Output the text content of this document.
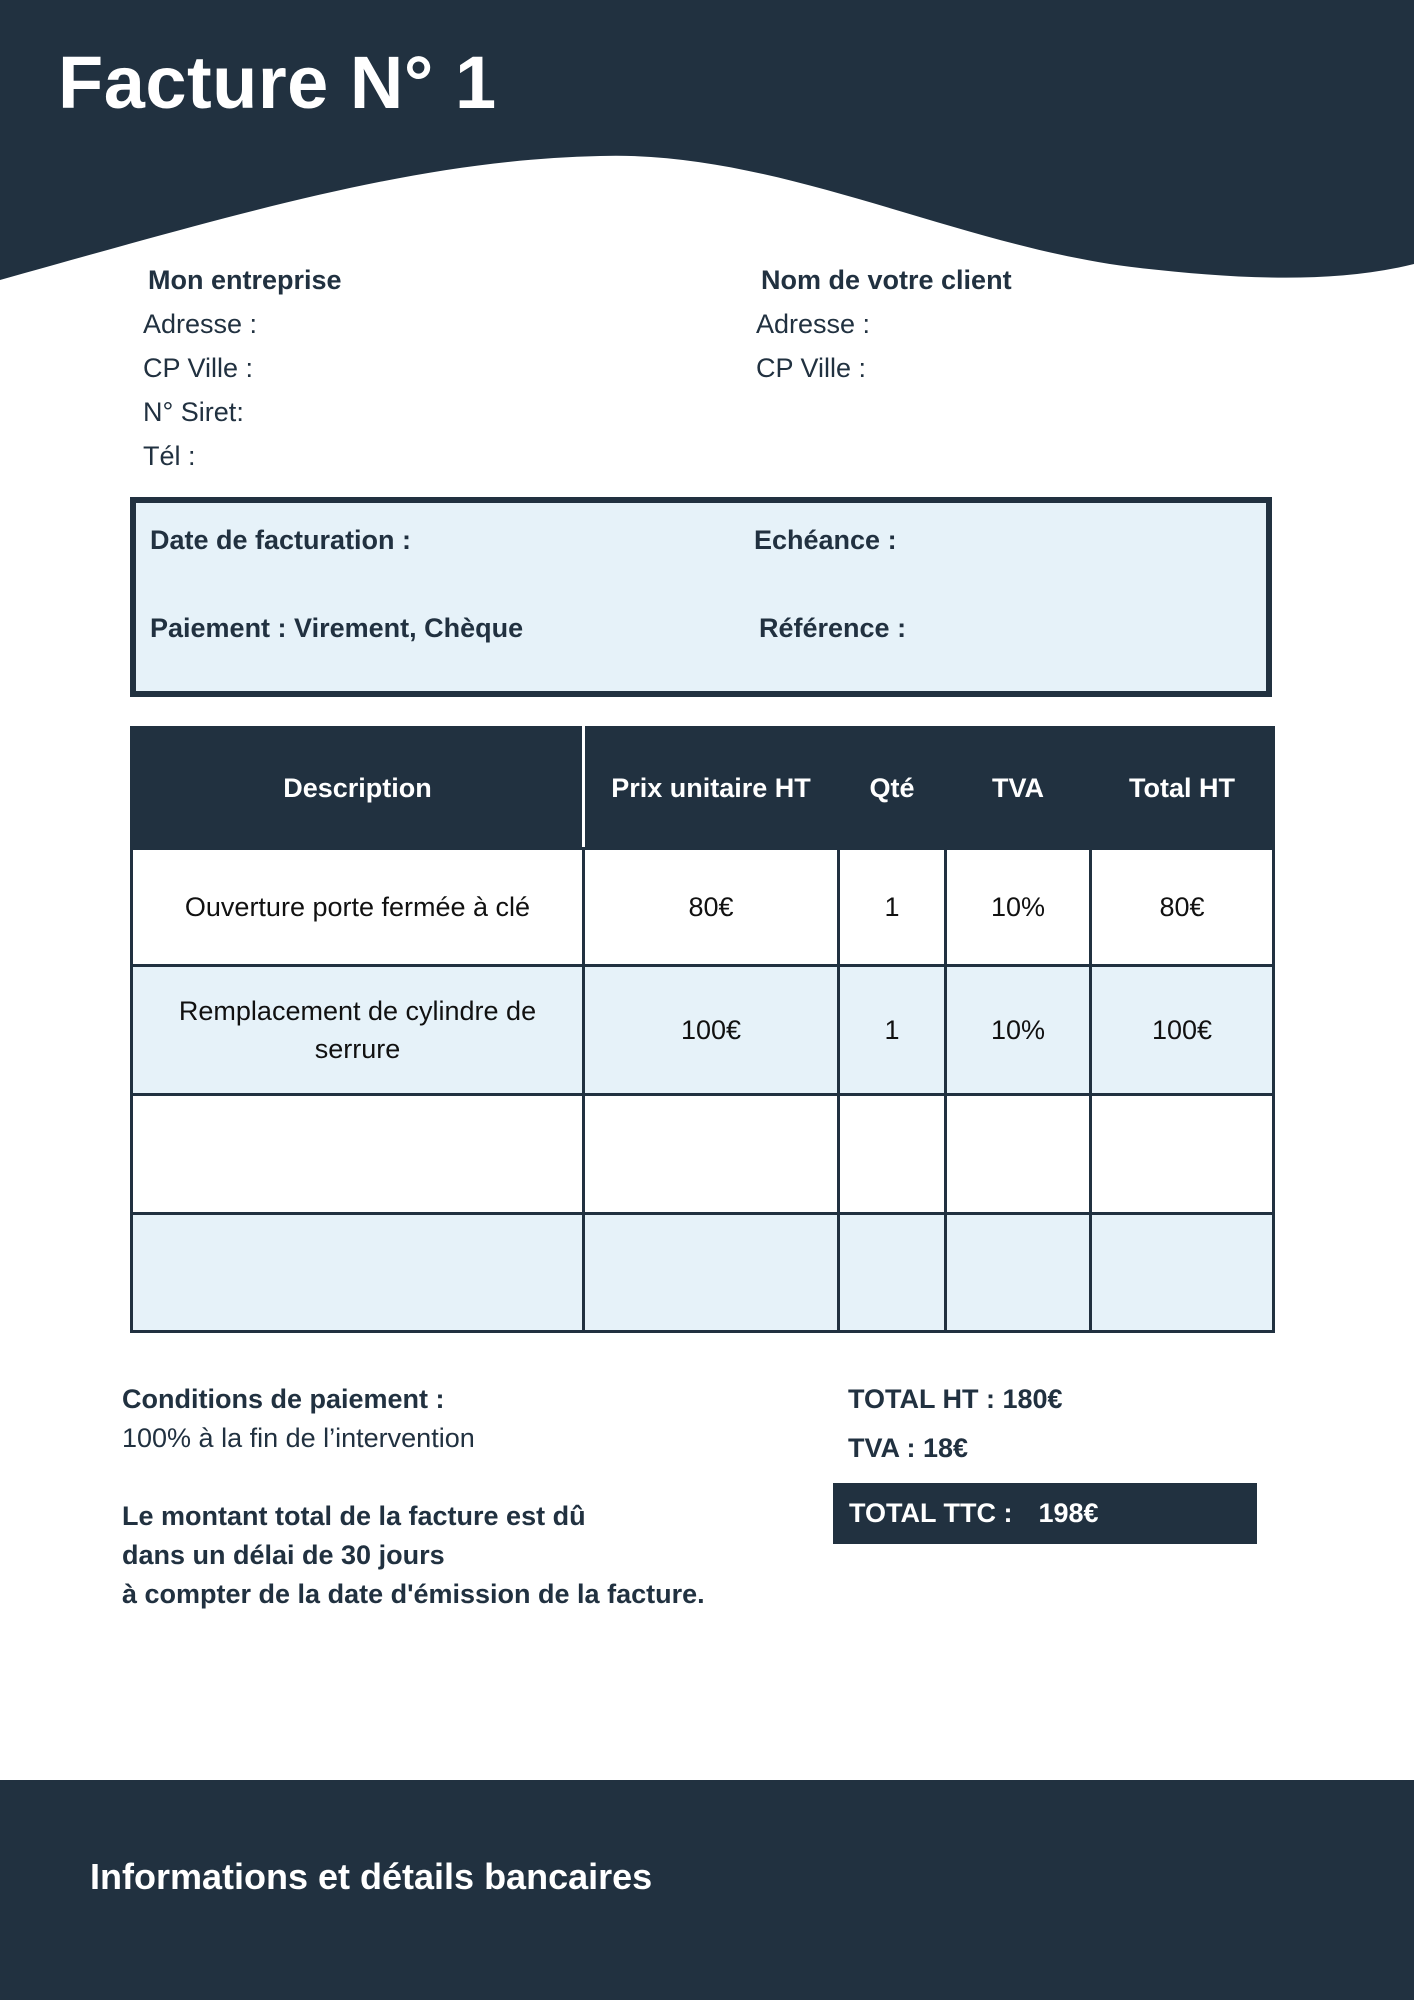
Facture N° 1
Mon entreprise
Adresse :
CP Ville :
N° Siret:
Tél :
Nom de votre client
Adresse :
CP Ville :
Date de facturation :	Echéance :
Paiement : Virement, Chèque	Référence :
Description	Prix unitaire HT	Qté	TVA	Total HT
Ouverture porte fermée à clé	80€	1	10%	80€
Remplacement de cylindre de serrure	100€	1	10%	100€

Conditions de paiement :
100% à la fin de l’intervention
Le montant total de la facture est dû
dans un délai de 30 jours
à compter de la date d'émission de la facture.
TOTAL HT : 180€
TVA : 18€
TOTAL TTC : 198€
Informations et détails bancaires
